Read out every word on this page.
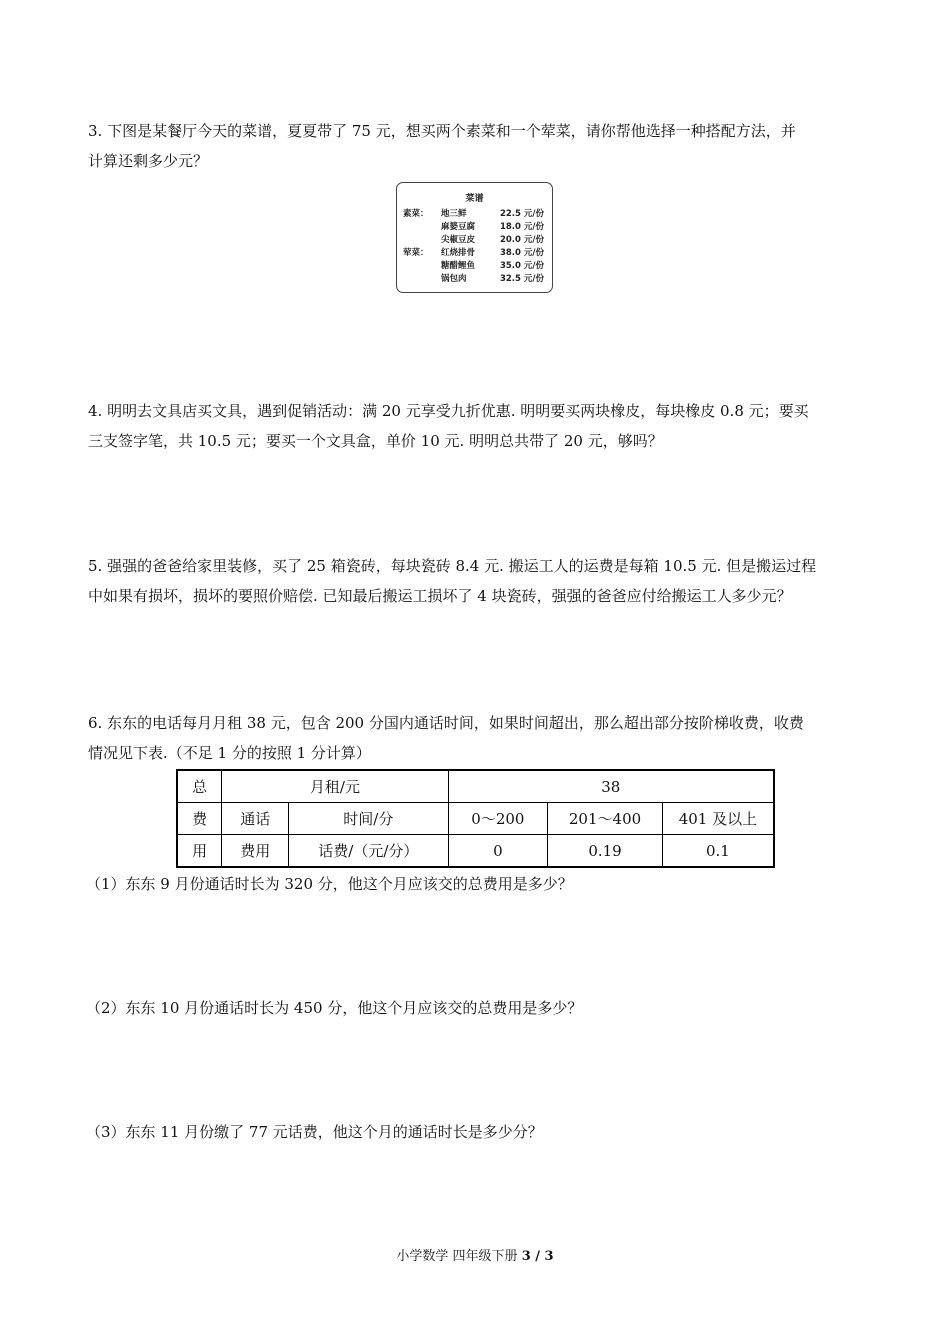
3. 下图是某餐厅今天的菜谱，夏夏带了 75 元，想买两个素菜和一个荤菜，请你帮他选择一种搭配方法，并
计算还剩多少元？
菜谱
素菜：	地三鲜	22.5 元/份
麻婆豆腐	18.0 元/份
尖椒豆皮	20.0 元/份
荤菜：	红烧排骨	38.0 元/份
糖醋鲤鱼	35.0 元/份
锅包肉	32.5 元/份
4. 明明去文具店买文具，遇到促销活动：满 20 元享受九折优惠. 明明要买两块橡皮，每块橡皮 0.8 元；要买
三支签字笔，共 10.5 元；要买一个文具盒，单价 10 元. 明明总共带了 20 元，够吗？
5. 强强的爸爸给家里装修，买了 25 箱瓷砖，每块瓷砖 8.4 元. 搬运工人的运费是每箱 10.5 元. 但是搬运过程
中如果有损坏，损坏的要照价赔偿. 已知最后搬运工损坏了 4 块瓷砖，强强的爸爸应付给搬运工人多少元？
6. 东东的电话每月月租 38 元，包含 200 分国内通话时间，如果时间超出，那么超出部分按阶梯收费，收费
情况见下表.（不足 1 分的按照 1 分计算）
总	月租/元		38		
费	通话	时间/分	0～200	201～400	401 及以上
用	费用	话费/（元/分）	0	0.19	0.1
（1）东东 9 月份通话时长为 320 分，他这个月应该交的总费用是多少？
（2）东东 10 月份通话时长为 450 分，他这个月应该交的总费用是多少？
（3）东东 11 月份缴了 77 元话费，他这个月的通话时长是多少分？
小学数学 四年级下册 3 / 3
